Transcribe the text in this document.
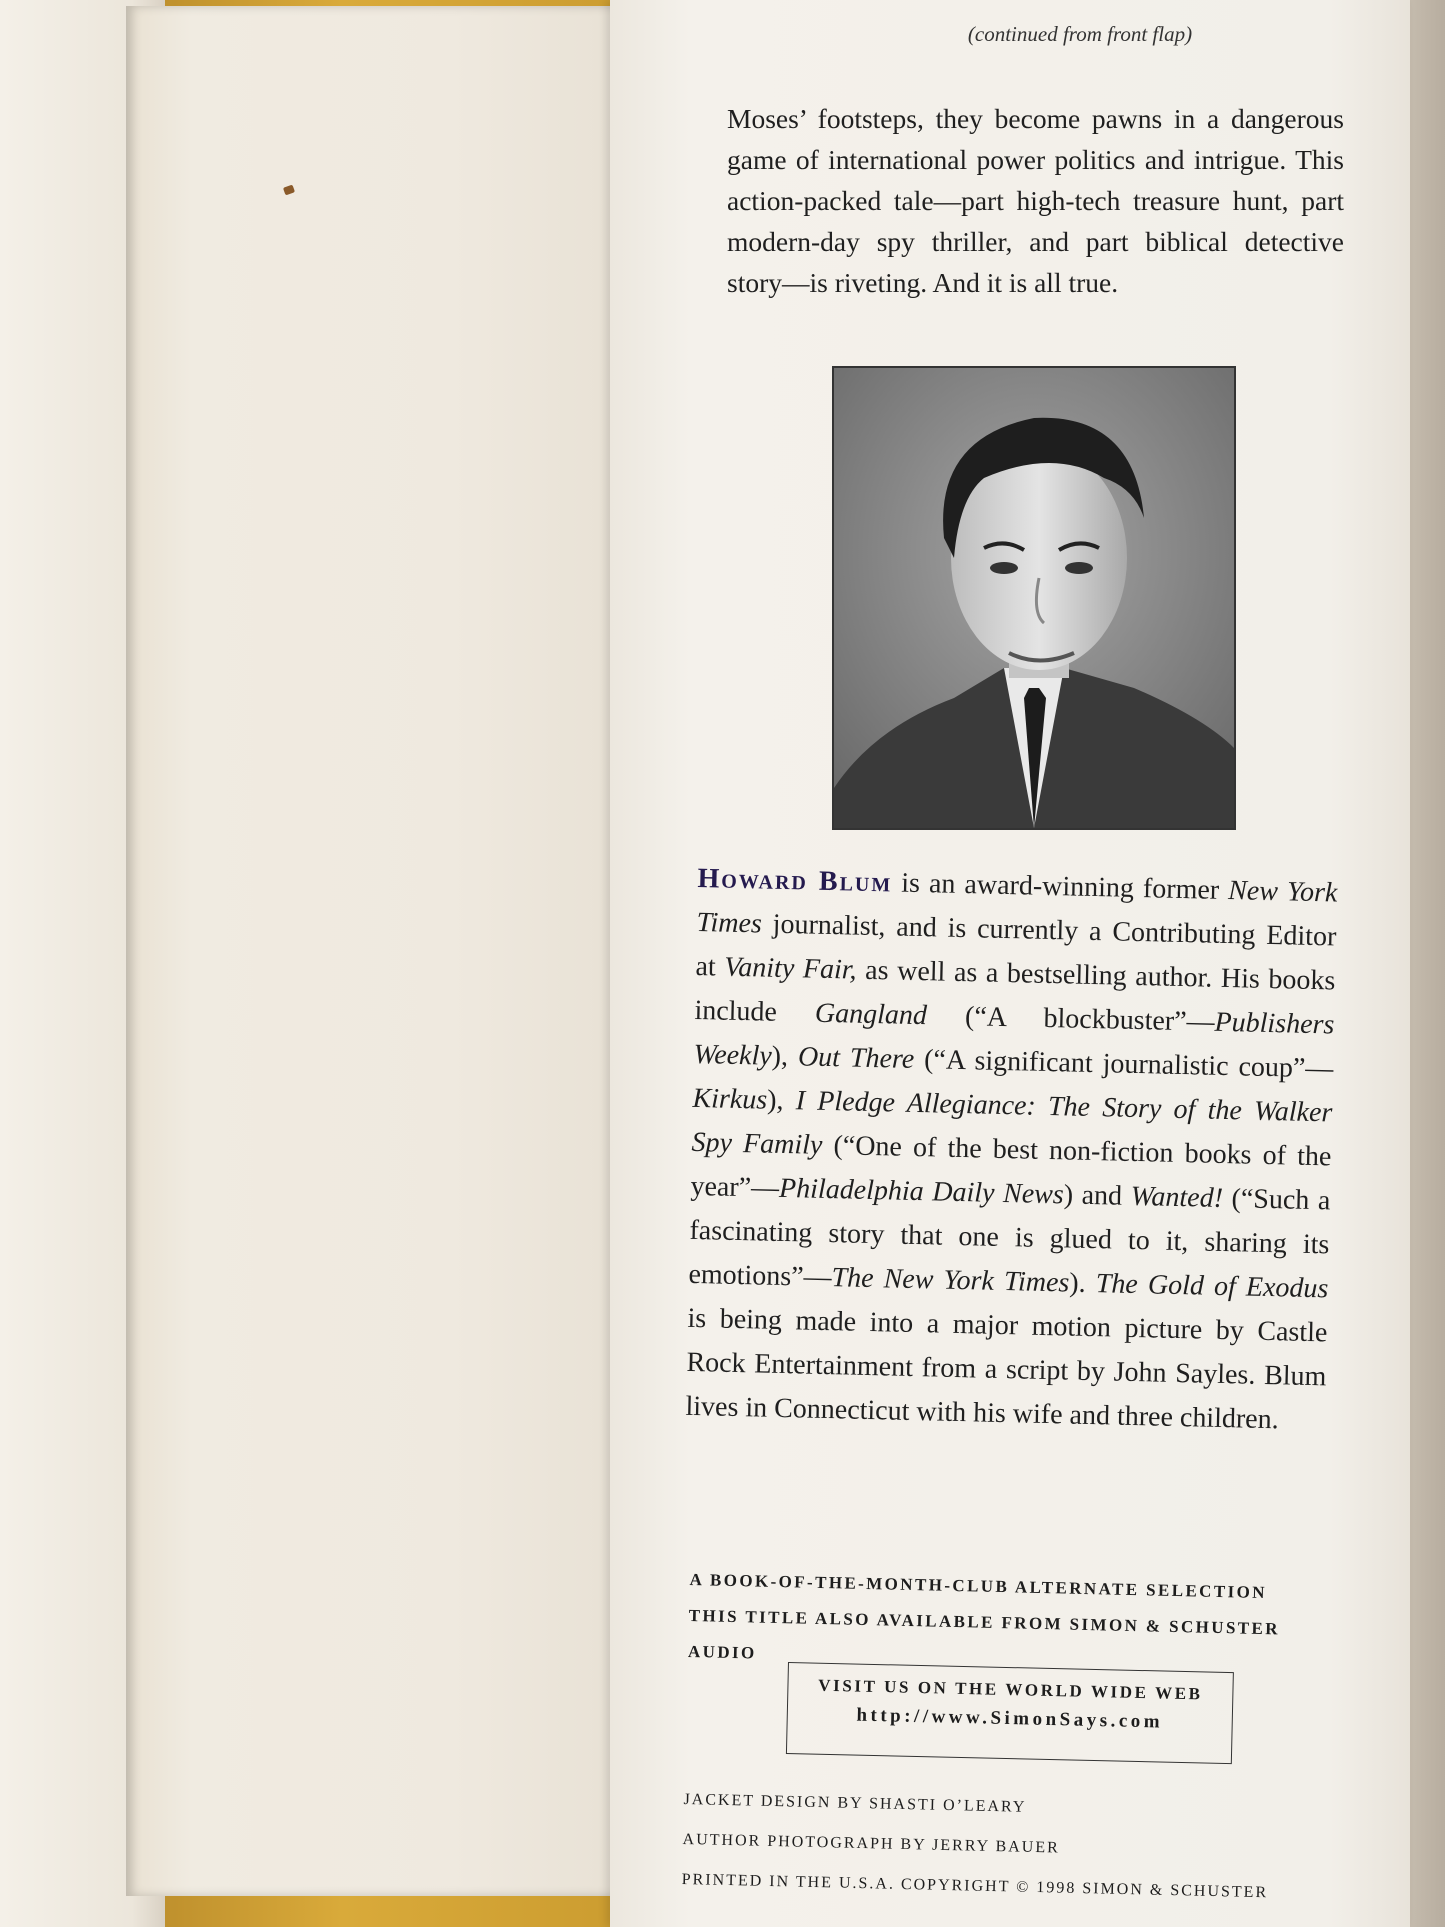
(continued from front flap)
Moses’ footsteps, they become pawns in a dangerous game of international power politics and intrigue. This action-packed tale—part high-tech treasure hunt, part modern-day spy thriller, and part biblical detective story—is riveting. And it is all true.
Howard Blum is an award-winning former New York Times journalist, and is currently a Contributing Editor at Vanity Fair, as well as a bestselling author. His books include Gangland (“A blockbuster”—Publishers Weekly), Out There (“A significant journalistic coup”—Kirkus), I Pledge Allegiance: The Story of the Walker Spy Family (“One of the best non-fiction books of the year”—Philadelphia Daily News) and Wanted! (“Such a fascinating story that one is glued to it, sharing its emotions”—The New York Times). The Gold of Exodus is being made into a major motion picture by Castle Rock Entertainment from a script by John Sayles. Blum lives in Connecticut with his wife and three children.
A BOOK-OF-THE-MONTH-CLUB ALTERNATE SELECTION
THIS TITLE ALSO AVAILABLE FROM SIMON & SCHUSTER AUDIO
VISIT US ON THE WORLD WIDE WEB
http://www.SimonSays.com
JACKET DESIGN BY SHASTI O’LEARY
AUTHOR PHOTOGRAPH BY JERRY BAUER
PRINTED IN THE U.S.A. COPYRIGHT © 1998 SIMON & SCHUSTER
